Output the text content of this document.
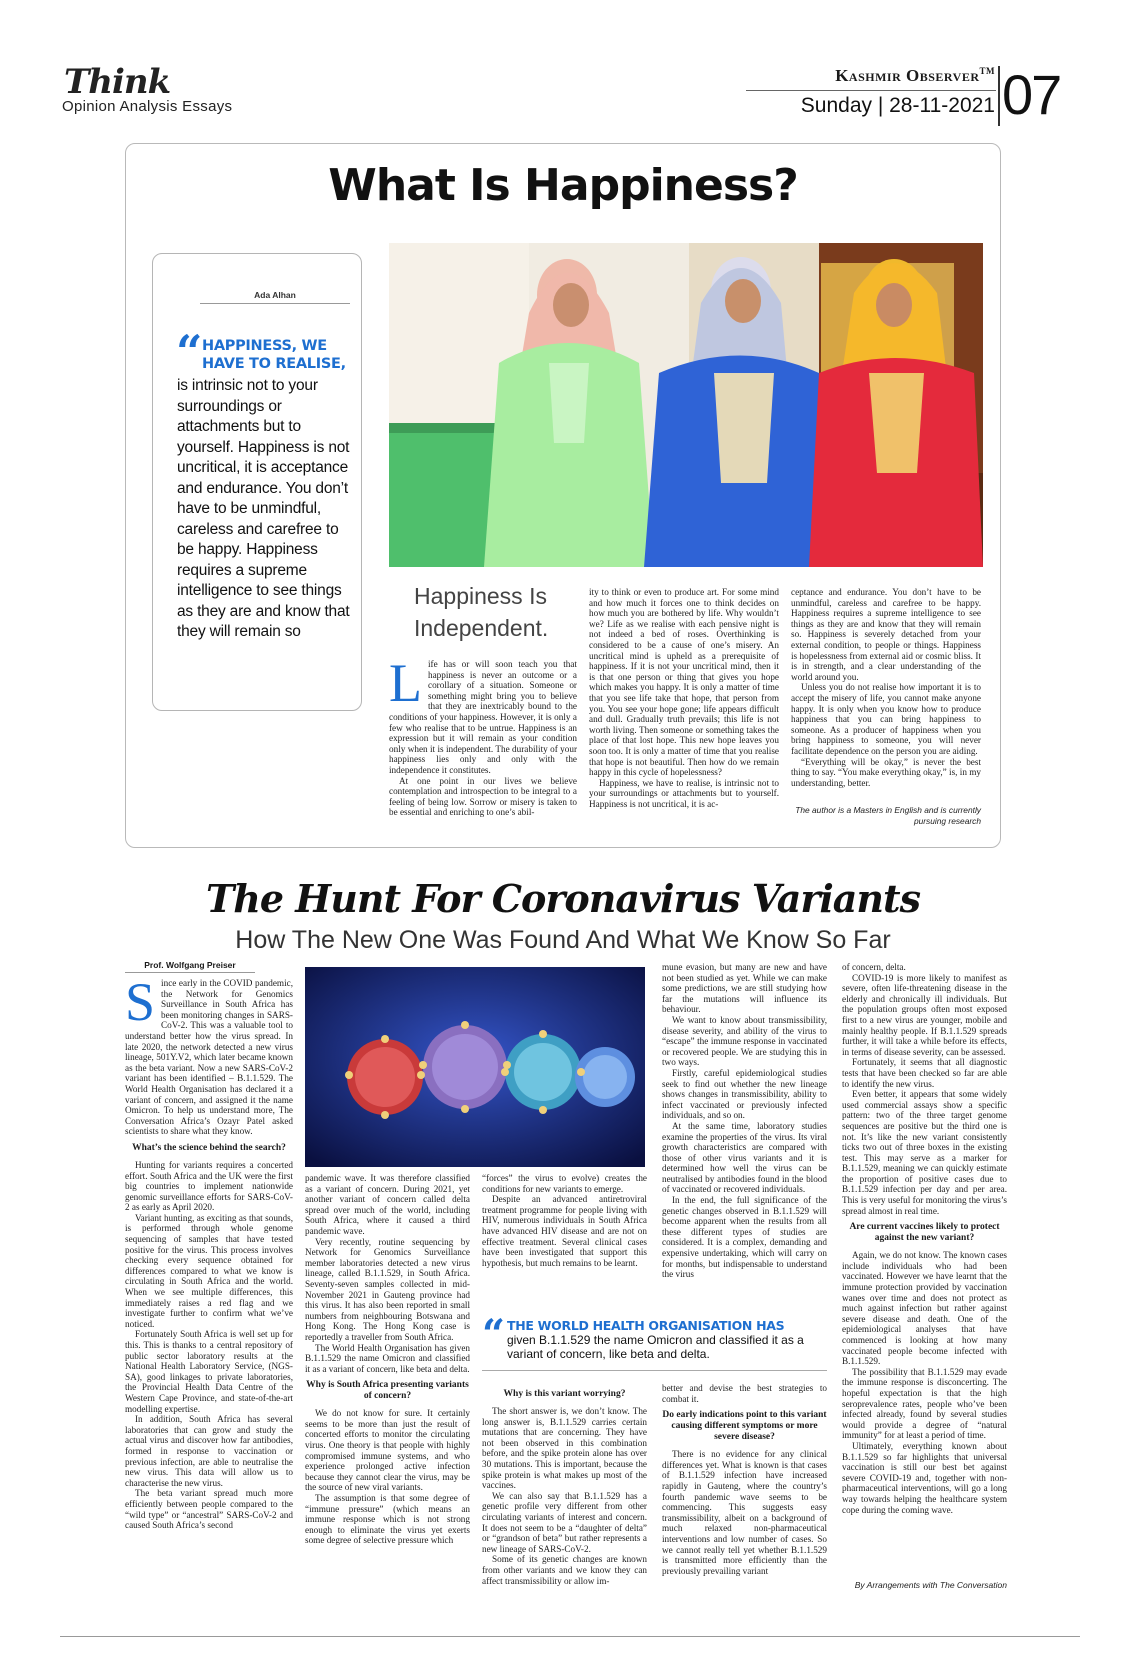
Think
Opinion Analysis Essays
Kashmir Observer™
Sunday | 28-11-2021 07
What Is Happiness?
Ada Alhan
“ HAPPINESS, WE HAVE TO REALISE,
is intrinsic not to your surroundings or attachments but to yourself. Happiness is not uncritical, it is acceptance and endurance. You don’t have to be unmindful, careless and carefree to be happy. Happiness requires a supreme intelligence to see things as they are and know that they will remain so
Happiness Is Independent.
L ife has or will soon teach you that happiness is never an outcome or a corollary of a situation. Someone or something might bring you to believe that they are inextricably bound to the conditions of your happiness. However, it is only a few who realise that to be untrue. Happiness is an expression but it will remain as your condition only when it is independent. The durability of your happiness lies only and only with the independence it constitutes.

At one point in our lives we believe contemplation and introspection to be integral to a feeling of being low. Sorrow or misery is taken to be essential and enriching to one’s abil-

ity to think or even to produce art. For some mind and how much it forces one to think decides on how much you are bothered by life. Why wouldn’t we? Life as we realise with each pensive night is not indeed a bed of roses. Overthinking is considered to be a cause of one’s misery. An uncritical mind is upheld as a prerequisite of happiness. If it is not your uncritical mind, then it is that one person or thing that gives you hope which makes you happy. It is only a matter of time that you see life take that hope, that person from you. You see your hope gone; life appears difficult and dull. Gradually truth prevails; this life is not worth living. Then someone or something takes the place of that lost hope. This new hope leaves you soon too. It is only a matter of time that you realise that hope is not beautiful. Then how do we remain happy in this cycle of hopelessness?

Happiness, we have to realise, is intrinsic not to your surroundings or attachments but to yourself. Happiness is not uncritical, it is ac-

ceptance and endurance. You don’t have to be unmindful, careless and carefree to be happy. Happiness requires a supreme intelligence to see things as they are and know that they will remain so. Happiness is severely detached from your external condition, to people or things. Happiness is hopelessness from external aid or cosmic bliss. It is in strength, and a clear understanding of the world around you.

Unless you do not realise how important it is to accept the misery of life, you cannot make anyone happy. It is only when you know how to produce happiness that you can bring happiness to someone. As a producer of happiness when you bring happiness to someone, you will never facilitate dependence on the person you are aiding.

“Everything will be okay,” is never the best thing to say. “You make everything okay,” is, in my understanding, better.

The author is a Masters in English and is currently pursuing research
The Hunt For Coronavirus Variants
How The New One Was Found And What We Know So Far
Prof. Wolfgang Preiser
S ince early in the COVID pandemic, the Network for Genomics Surveillance in South Africa has been monitoring changes in SARS-CoV-2. This was a valuable tool to understand better how the virus spread. In late 2020, the network detected a new virus lineage, 501Y.V2, which later became known as the beta variant. Now a new SARS-CoV-2 variant has been identified – B.1.1.529. The World Health Organisation has declared it a variant of concern, and assigned it the name Omicron. To help us understand more, The Conversation Africa’s Ozayr Patel asked scientists to share what they know.

What’s the science behind the search?

Hunting for variants requires a concerted effort. South Africa and the UK were the first big countries to implement nationwide genomic surveillance efforts for SARS-CoV-2 as early as April 2020.

Variant hunting, as exciting as that sounds, is performed through whole genome sequencing of samples that have tested positive for the virus. This process involves checking every sequence obtained for differences compared to what we know is circulating in South Africa and the world. When we see multiple differences, this immediately raises a red flag and we investigate further to confirm what we’ve noticed.

Fortunately South Africa is well set up for this. This is thanks to a central repository of public sector laboratory results at the National Health Laboratory Service, (NGS-SA), good linkages to private laboratories, the Provincial Health Data Centre of the Western Cape Province, and state-of-the-art modelling expertise.

In addition, South Africa has several laboratories that can grow and study the actual virus and discover how far antibodies, formed in response to vaccination or previous infection, are able to neutralise the new virus. This data will allow us to characterise the new virus.

The beta variant spread much more efficiently between people compared to the “wild type” or “ancestral” SARS-CoV-2 and caused South Africa’s second

pandemic wave. It was therefore classified as a variant of concern. During 2021, yet another variant of concern called delta spread over much of the world, including South Africa, where it caused a third pandemic wave.

Very recently, routine sequencing by Network for Genomics Surveillance member laboratories detected a new virus lineage, called B.1.1.529, in South Africa. Seventy-seven samples collected in mid-November 2021 in Gauteng province had this virus. It has also been reported in small numbers from neighbouring Botswana and Hong Kong. The Hong Kong case is reportedly a traveller from South Africa.

The World Health Organisation has given B.1.1.529 the name Omicron and classified it as a variant of concern, like beta and delta.

Why is South Africa presenting variants of concern?

We do not know for sure. It certainly seems to be more than just the result of concerted efforts to monitor the circulating virus. One theory is that people with highly compromised immune systems, and who experience prolonged active infection because they cannot clear the virus, may be the source of new viral variants.

The assumption is that some degree of “immune pressure” (which means an immune response which is not strong enough to eliminate the virus yet exerts some degree of selective pressure which

“forces” the virus to evolve) creates the conditions for new variants to emerge.

Despite an advanced antiretroviral treatment programme for people living with HIV, numerous individuals in South Africa have advanced HIV disease and are not on effective treatment. Several clinical cases have been investigated that support this hypothesis, but much remains to be learnt.

mune evasion, but many are new and have not been studied as yet. While we can make some predictions, we are still studying how far the mutations will influence its behaviour.

We want to know about transmissibility, disease severity, and ability of the virus to “escape” the immune response in vaccinated or recovered people. We are studying this in two ways.

Firstly, careful epidemiological studies seek to find out whether the new lineage shows changes in transmissibility, ability to infect vaccinated or previously infected individuals, and so on.

At the same time, laboratory studies examine the properties of the virus. Its viral growth characteristics are compared with those of other virus variants and it is determined how well the virus can be neutralised by antibodies found in the blood of vaccinated or recovered individuals.

In the end, the full significance of the genetic changes observed in B.1.1.529 will become apparent when the results from all these different types of studies are considered. It is a complex, demanding and expensive undertaking, which will carry on for months, but indispensable to understand the virus

of concern, delta.

COVID-19 is more likely to manifest as severe, often life-threatening disease in the elderly and chronically ill individuals. But the population groups often most exposed first to a new virus are younger, mobile and mainly healthy people. If B.1.1.529 spreads further, it will take a while before its effects, in terms of disease severity, can be assessed.

Fortunately, it seems that all diagnostic tests that have been checked so far are able to identify the new virus.

Even better, it appears that some widely used commercial assays show a specific pattern: two of the three target genome sequences are positive but the third one is not. It’s like the new variant consistently ticks two out of three boxes in the existing test. This may serve as a marker for B.1.1.529, meaning we can quickly estimate the proportion of positive cases due to B.1.1.529 infection per day and per area. This is very useful for monitoring the virus’s spread almost in real time.

Are current vaccines likely to protect against the new variant?

Again, we do not know. The known cases include individuals who had been vaccinated. However we have learnt that the immune protection provided by vaccination wanes over time and does not protect as much against infection but rather against severe disease and death. One of the epidemiological analyses that have commenced is looking at how many vaccinated people become infected with B.1.1.529.

The possibility that B.1.1.529 may evade the immune response is disconcerting. The hopeful expectation is that the high seroprevalence rates, people who’ve been infected already, found by several studies would provide a degree of “natural immunity” for at least a period of time.

Ultimately, everything known about B.1.1.529 so far highlights that universal vaccination is still our best bet against severe COVID-19 and, together with non-pharmaceutical interventions, will go a long way towards helping the healthcare system cope during the coming wave.

“ THE WORLD HEALTH ORGANISATION HAS
given B.1.1.529 the name Omicron and classified it as a variant of concern, like beta and delta.
Why is this variant worrying?

The short answer is, we don’t know. The long answer is, B.1.1.529 carries certain mutations that are concerning. They have not been observed in this combination before, and the spike protein alone has over 30 mutations. This is important, because the spike protein is what makes up most of the vaccines.

We can also say that B.1.1.529 has a genetic profile very different from other circulating variants of interest and concern. It does not seem to be a “daughter of delta” or “grandson of beta” but rather represents a new lineage of SARS-CoV-2.

Some of its genetic changes are known from other variants and we know they can affect transmissibility or allow im-

better and devise the best strategies to combat it.

Do early indications point to this variant causing different symptoms or more severe disease?

There is no evidence for any clinical differences yet. What is known is that cases of B.1.1.529 infection have increased rapidly in Gauteng, where the country’s fourth pandemic wave seems to be commencing. This suggests easy transmissibility, albeit on a background of much relaxed non-pharmaceutical interventions and low number of cases. So we cannot really tell yet whether B.1.1.529 is transmitted more efficiently than the previously prevailing variant

By Arrangements with The Conversation
